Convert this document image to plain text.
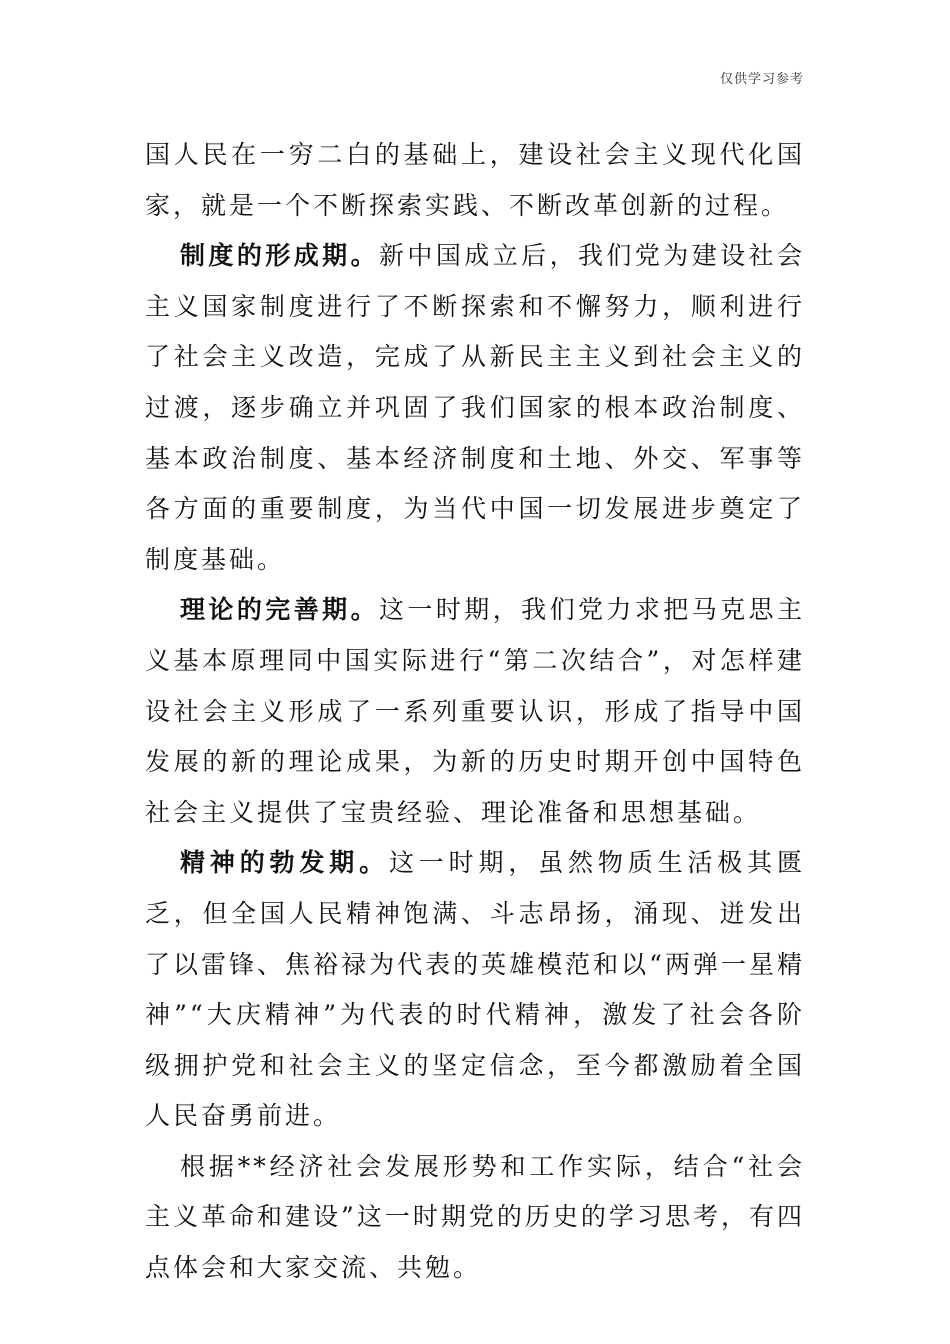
仅供学习参考

国人民在一穷二白的基础上，建设社会主义现代化国家，就是一个不断探索实践、不断改革创新的过程。

制度的形成期。新中国成立后，我们党为建设社会主义国家制度进行了不断探索和不懈努力，顺利进行了社会主义改造，完成了从新民主主义到社会主义的过渡，逐步确立并巩固了我们国家的根本政治制度、基本政治制度、基本经济制度和土地、外交、军事等各方面的重要制度，为当代中国一切发展进步奠定了制度基础。

理论的完善期。这一时期，我们党力求把马克思主义基本原理同中国实际进行“第二次结合”，对怎样建设社会主义形成了一系列重要认识，形成了指导中国发展的新的理论成果，为新的历史时期开创中国特色社会主义提供了宝贵经验、理论准备和思想基础。

精神的勃发期。这一时期，虽然物质生活极其匮乏，但全国人民精神饱满、斗志昂扬，涌现、迸发出了以雷锋、焦裕禄为代表的英雄模范和以“两弹一星精神”“大庆精神”为代表的时代精神，激发了社会各阶级拥护党和社会主义的坚定信念，至今都激励着全国人民奋勇前进。

根据**经济社会发展形势和工作实际，结合“社会主义革命和建设”这一时期党的历史的学习思考，有四点体会和大家交流、共勉。
